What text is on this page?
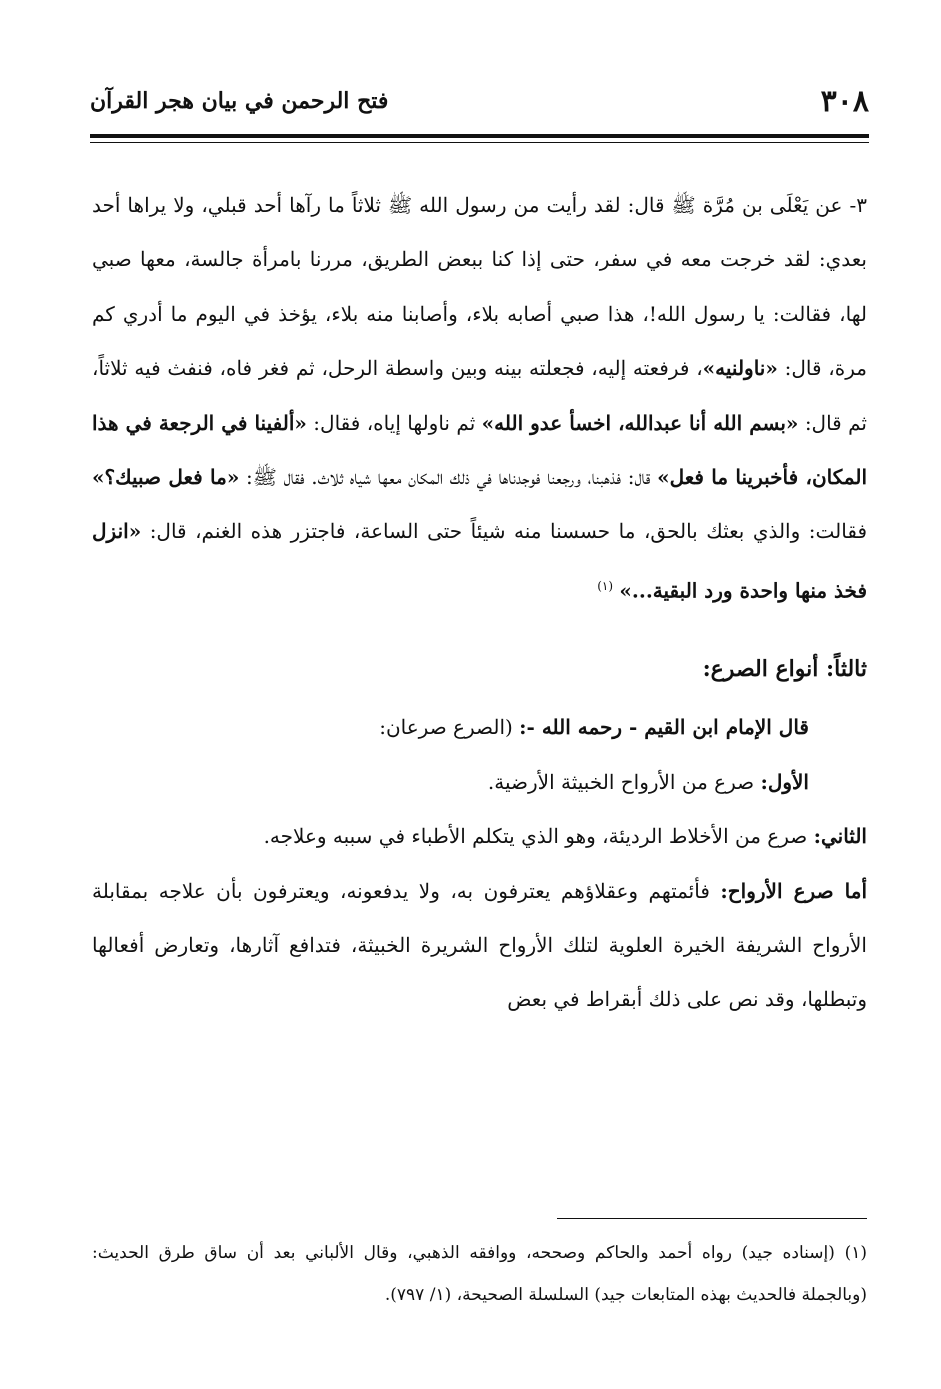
٣٠٨
فتح الرحمن في بيان هجر القرآن

٣- عن يَعْلَى بن مُرَّة ﷺ قال: لقد رأيت من رسول الله ﷺ ثلاثاً ما رآها أحد قبلي، ولا يراها أحد بعدي: لقد خرجت معه في سفر، حتى إذا كنا ببعض الطريق، مررنا بامرأة جالسة، معها صبي لها، فقالت: يا رسول الله!، هذا صبي أصابه بلاء، وأصابنا منه بلاء، يؤخذ في اليوم ما أدري كم مرة، قال: «ناولنيه»، فرفعته إليه، فجعلته بينه وبين واسطة الرحل، ثم فغر فاه، فنفث فيه ثلاثاً، ثم قال: «بسم الله أنا عبدالله، اخسأ عدو الله» ثم ناولها إياه، فقال: «ألفينا في الرجعة في هذا المكان، فأخبرينا ما فعل» قال: فذهبنا، ورجعنا فوجدناها في ذلك المكان معها شياه ثلاث. فقال ﷺ: «ما فعل صبيك؟» فقالت: والذي بعثك بالحق، ما حسسنا منه شيئاً حتى الساعة، فاجتزر هذه الغنم، قال: «انزل فخذ منها واحدة ورد البقية...» $^{(١)}$

ثالثاً: أنواع الصرع:

قال الإمام ابن القيم - رحمه الله -: (الصرع صرعان:

الأول: صرع من الأرواح الخبيثة الأرضية.

الثاني: صرع من الأخلاط الرديئة، وهو الذي يتكلم الأطباء في سببه وعلاجه.

أما صرع الأرواح: فأئمتهم وعقلاؤهم يعترفون به، ولا يدفعونه، ويعترفون بأن علاجه بمقابلة الأرواح الشريفة الخيرة العلوية لتلك الأرواح الشريرة الخبيثة، فتدافع آثارها، وتعارض أفعالها وتبطلها، وقد نص على ذلك أبقراط في بعض

(١) (إسناده جيد) رواه أحمد والحاكم وصححه، ووافقه الذهبي، وقال الألباني بعد أن ساق طرق الحديث: (وبالجملة فالحديث بهذه المتابعات جيد) السلسلة الصحيحة، (١/ ٧٩٧).
